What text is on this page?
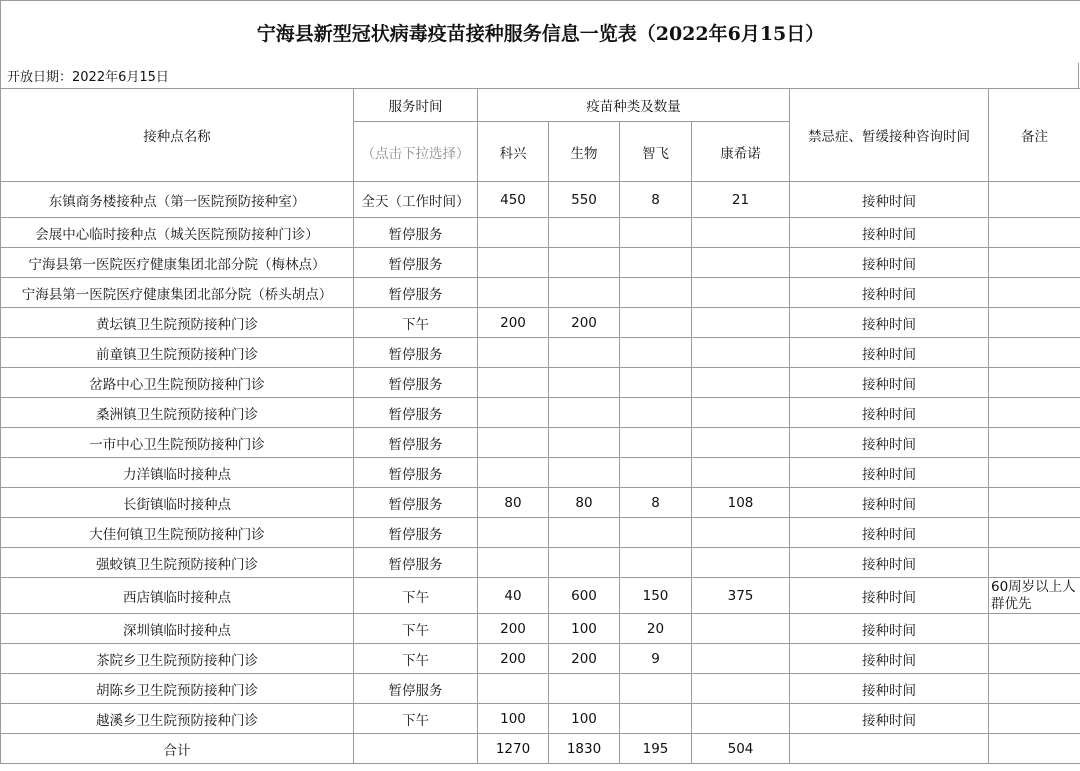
宁海县新型冠状病毒疫苗接种服务信息一览表（2022年6月15日）
开放日期：2022年6月15日
接种点名称	服务时间	疫苗种类及数量				禁忌症、暂缓接种咨询时间	备注
	（点击下拉选择）	科兴	生物	智飞	康希诺		
东镇商务楼接种点（第一医院预防接种室）	全天（工作时间）	450	550	8	21	接种时间	
会展中心临时接种点（城关医院预防接种门诊）	暂停服务					接种时间	
宁海县第一医院医疗健康集团北部分院（梅林点）	暂停服务					接种时间	
宁海县第一医院医疗健康集团北部分院（桥头胡点）	暂停服务					接种时间	
黄坛镇卫生院预防接种门诊	下午	200	200			接种时间	
前童镇卫生院预防接种门诊	暂停服务					接种时间	
岔路中心卫生院预防接种门诊	暂停服务					接种时间	
桑洲镇卫生院预防接种门诊	暂停服务					接种时间	
一市中心卫生院预防接种门诊	暂停服务					接种时间	
力洋镇临时接种点	暂停服务					接种时间	
长街镇临时接种点	暂停服务	80	80	8	108	接种时间	
大佳何镇卫生院预防接种门诊	暂停服务					接种时间	
强蛟镇卫生院预防接种门诊	暂停服务					接种时间	
西店镇临时接种点	下午	40	600	150	375	接种时间	60周岁以上人群优先
深圳镇临时接种点	下午	200	100	20		接种时间	
茶院乡卫生院预防接种门诊	下午	200	200	9		接种时间	
胡陈乡卫生院预防接种门诊	暂停服务					接种时间	
越溪乡卫生院预防接种门诊	下午	100	100			接种时间	
合计		1270	1830	195	504		
